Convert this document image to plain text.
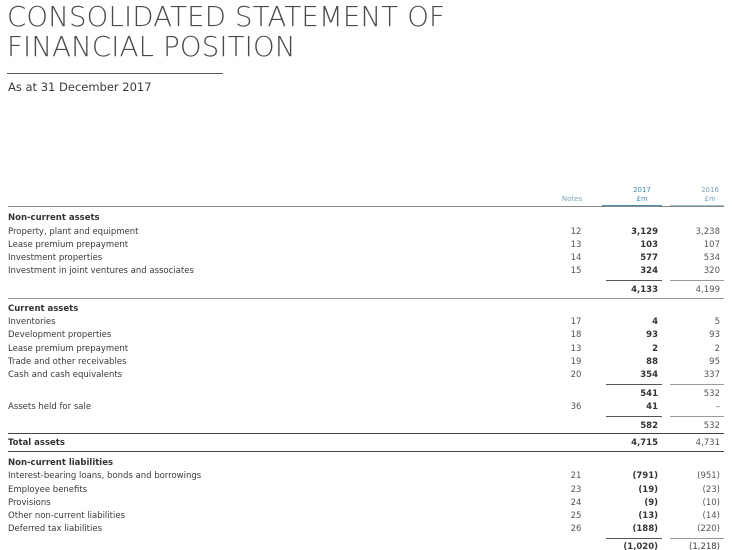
CONSOLIDATED STATEMENT OF
FINANCIAL POSITION
As at 31 December 2017
Notes
2017
£m
2016
£m
Non-current assets
Property, plant and equipment	12	3,129	3,238
Lease premium prepayment	13	103	107
Investment properties	14	577	534
Investment in joint ventures and associates	15	324	320
4,133	4,199
Current assets
Inventories	17	4	5
Development properties	18	93	93
Lease premium prepayment	13	2	2
Trade and other receivables	19	88	95
Cash and cash equivalents	20	354	337
541	532
Assets held for sale	36	41	–
582	532
Total assets	4,715	4,731
Non-current liabilities
Interest-bearing loans, bonds and borrowings	21	(791)	(951)
Employee benefits	23	(19)	(23)
Provisions	24	(9)	(10)
Other non-current liabilities	25	(13)	(14)
Deferred tax liabilities	26	(188)	(220)
(1,020)	(1,218)
